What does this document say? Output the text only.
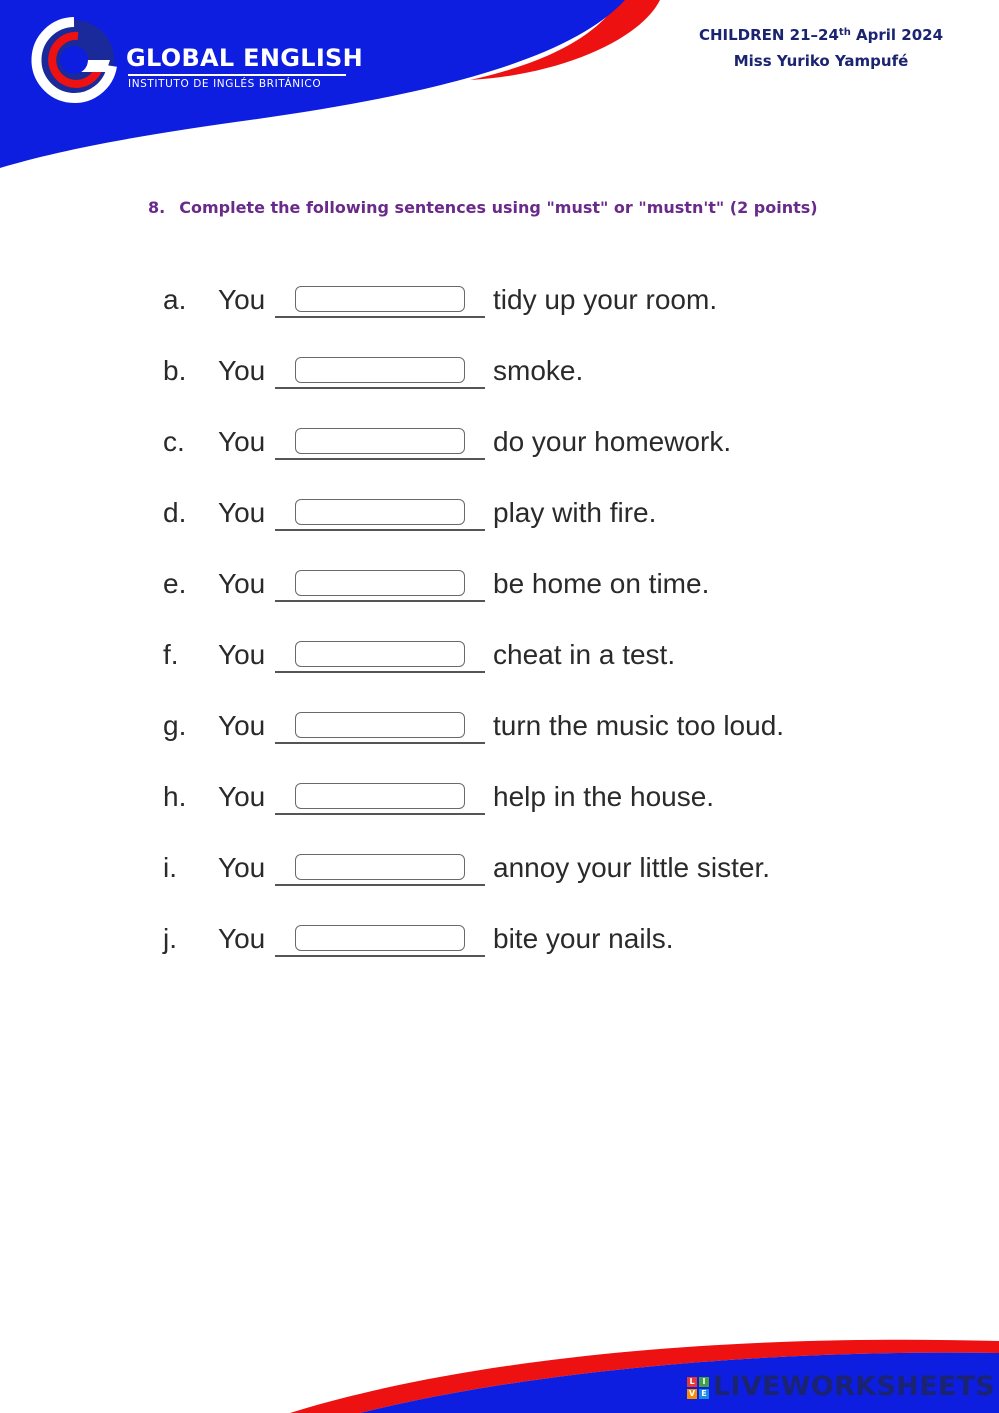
GLOBAL ENGLISH
INSTITUTO DE INGLÉS BRITÁNICO
CHILDREN 21–24th April 2024
Miss Yuriko Yampufé
8. Complete the following sentences using "must" or "mustn't" (2 points)
a. You	tidy up your room.
b. You	smoke.
c. You	do your homework.
d. You	play with fire.
e. You	be home on time.
f. You	cheat in a test.
g. You	turn the music too loud.
h. You	help in the house.
i. You	annoy your little sister.
j. You	bite your nails.
L I
V E LIVEWORKSHEETS
